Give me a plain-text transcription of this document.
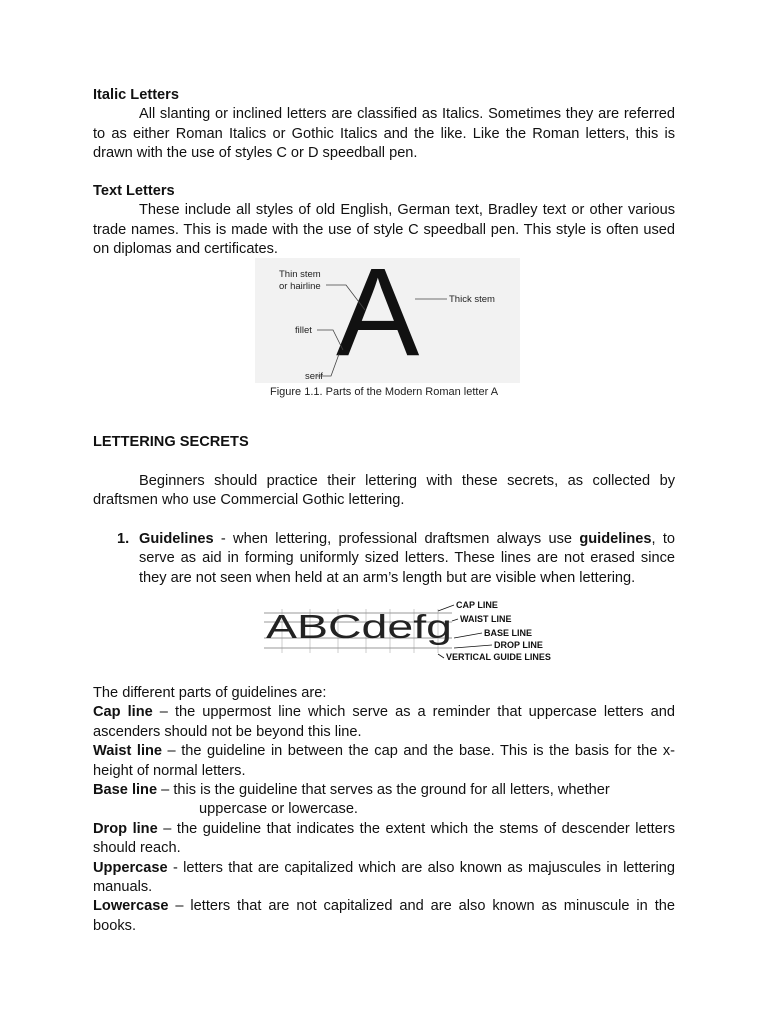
Italic Letters

All slanting or inclined letters are classified as Italics. Sometimes they are referred to as either Roman Italics or Gothic Italics and the like. Like the Roman letters, this is drawn with the use of styles C or D speedball pen.

Text Letters

These include all styles of old English, German text, Bradley text or other various trade names. This is made with the use of style C speedball pen. This style is often used on diplomas and certificates.

Thin stem
or hairline
fillet
serif
Thick stem
A
Figure 1.1. Parts of the Modern Roman letter A

LETTERING SECRETS

Beginners should practice their lettering with these secrets, as collected by draftsmen who use Commercial Gothic lettering.

1. Guidelines - when lettering, professional draftsmen always use guidelines, to serve as aid in forming uniformly sized letters. These lines are not erased since they are not seen when held at an arm’s length but are visible when lettering.

ABCdefg
CAP LINE
WAIST LINE
BASE LINE
DROP LINE
VERTICAL GUIDE LINES

The different parts of guidelines are:

Cap line – the uppermost line which serve as a reminder that uppercase letters and ascenders should not be beyond this line.

Waist line – the guideline in between the cap and the base. This is the basis for the x- height of normal letters.

Base line – this is the guideline that serves as the ground for all letters, whether

uppercase or lowercase.

Drop line – the guideline that indicates the extent which the stems of descender letters should reach.

Uppercase - letters that are capitalized which are also known as majuscules in lettering manuals.

Lowercase – letters that are not capitalized and are also known as minuscule in the books.
